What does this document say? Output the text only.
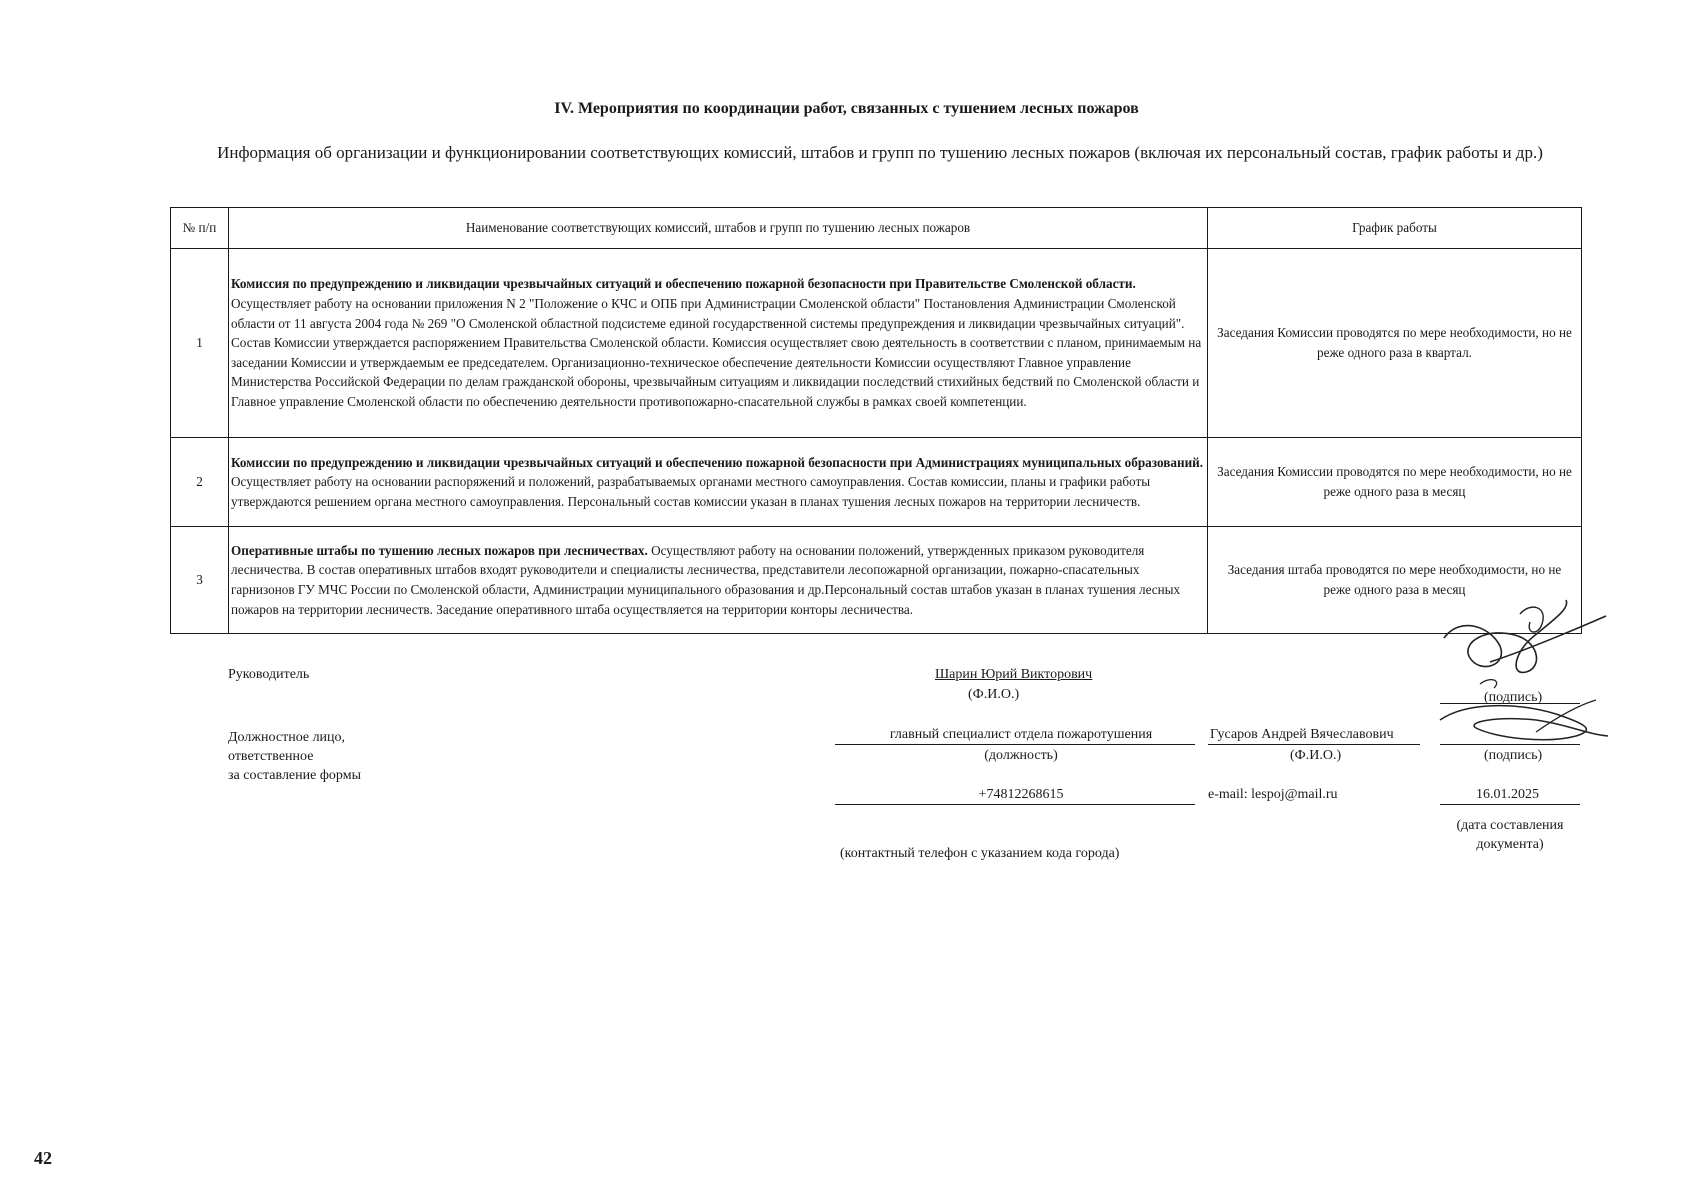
IV. Мероприятия по координации работ, связанных с тушением лесных пожаров
Информация об организации и функционировании соответствующих комиссий, штабов и групп по тушению лесных пожаров (включая их персональный состав, график работы и др.)
№ п/п	Наименование соответствующих комиссий, штабов и групп по тушению лесных пожаров	График работы
1	Комиссия по предупреждению и ликвидации чрезвычайных ситуаций и обеспечению пожарной безопасности при Правительстве Смоленской области. Осуществляет работу на основании приложения N 2 "Положение о КЧС и ОПБ при Администрации Смоленской области" Постановления Администрации Смоленской области от 11 августа 2004 года № 269 "О Смоленской областной подсистеме единой государственной системы предупреждения и ликвидации чрезвычайных ситуаций". Состав Комиссии утверждается распоряжением Правительства Смоленской области. Комиссия осуществляет свою деятельность в соответствии с планом, принимаемым на заседании Комиссии и утверждаемым ее председателем. Организационно-техническое обеспечение деятельности Комиссии осуществляют Главное управление Министерства Российской Федерации по делам гражданской обороны, чрезвычайным ситуациям и ликвидации последствий стихийных бедствий по Смоленской области и Главное управление Смоленской области по обеспечению деятельности противопожарно-спасательной службы в рамках своей компетенции.	Заседания Комиссии проводятся по мере необходимости, но не реже одного раза в квартал.
2	Комиссии по предупреждению и ликвидации чрезвычайных ситуаций и обеспечению пожарной безопасности при Администрациях муниципальных образований. Осуществляет работу на основании распоряжений и положений, разрабатываемых органами местного самоуправления. Состав комиссии, планы и графики работы утверждаются решением органа местного самоуправления. Персональный состав комиссии указан в планах тушения лесных пожаров на территории лесничеств.	Заседания Комиссии проводятся по мере необходимости, но не реже одного раза в месяц
3	Оперативные штабы по тушению лесных пожаров при лесничествах. Осуществляют работу на основании положений, утвержденных приказом руководителя лесничества. В состав оперативных штабов входят руководители и специалисты лесничества, представители лесопожарной организации, пожарно-спасательных гарнизонов ГУ МЧС России по Смоленской области, Администрации муниципального образования и др.Персональный состав штабов указан в планах тушения лесных пожаров на территории лесничеств. Заседание оперативного штаба осуществляется на территории конторы лесничества.	Заседания штаба проводятся по мере необходимости, но не реже одного раза в месяц
Руководитель	Шарин Юрий Викторович
(Ф.И.О.)	(подпись)
Должностное лицо,
ответственное
за составление формы
главный специалист отдела пожаротушения
(должность)
Гусаров Андрей Вячеславович
(Ф.И.О.)	(подпись)
+74812268615	e-mail: lespoj@mail.ru	16.01.2025
(дата составления
документа)
(контактный телефон с указанием кода города)
42
